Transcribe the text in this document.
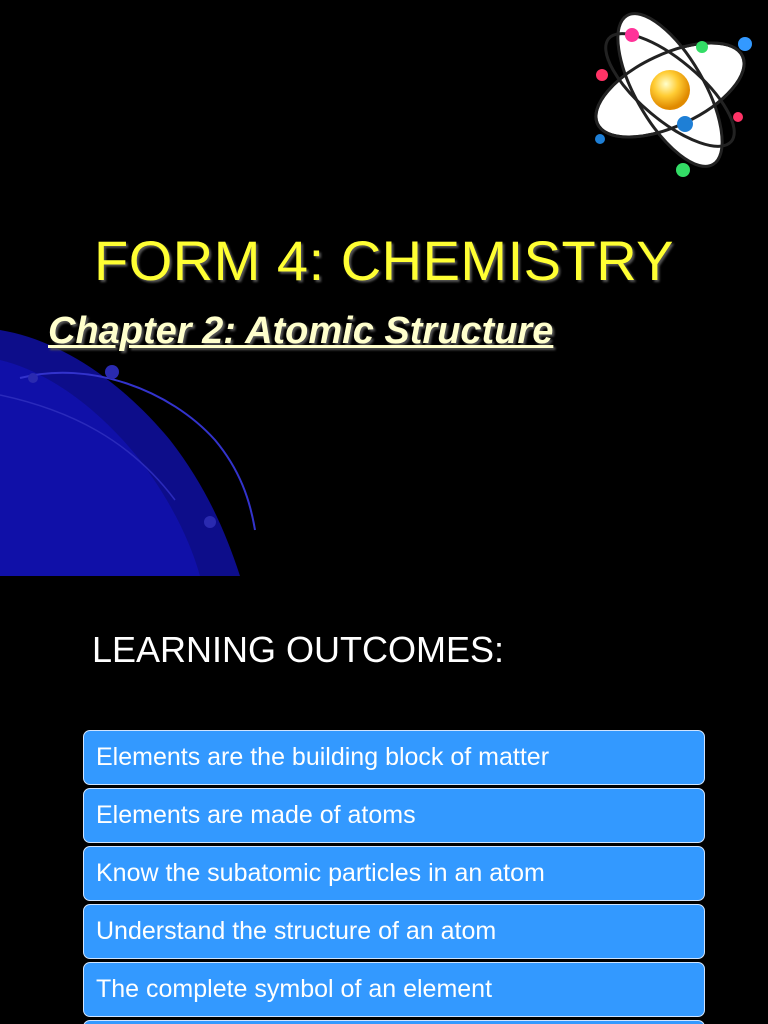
FORM 4: CHEMISTRY
Chapter 2: Atomic Structure
LEARNING OUTCOMES:
Elements are the building block of matter
Elements are made of atoms
Know the subatomic particles in an atom
Understand the structure of an atom
The complete symbol of an element
